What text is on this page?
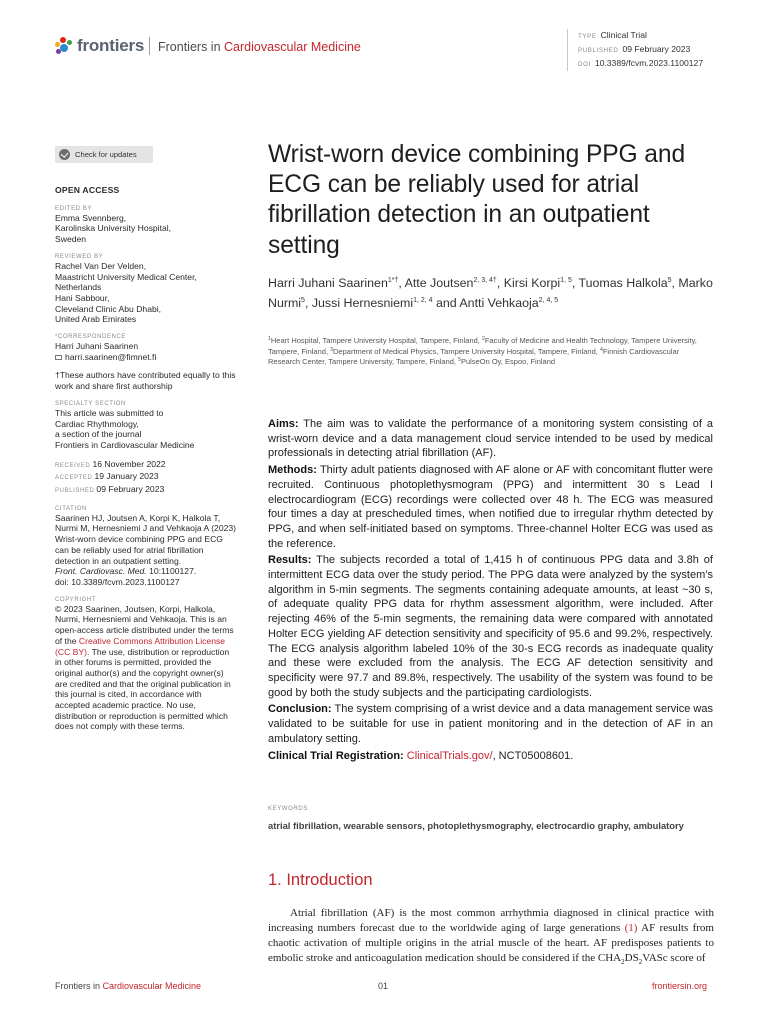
frontiers Frontiers in Cardiovascular Medicine
TYPE Clinical Trial
PUBLISHED 09 February 2023
DOI 10.3389/fcvm.2023.1100127
Check for updates
OPEN ACCESS
EDITED BY
Emma Svennberg,
Karolinska University Hospital,
Sweden
REVIEWED BY
Rachel Van Der Velden,
Maastricht University Medical Center,
Netherlands
Hani Sabbour,
Cleveland Clinic Abu Dhabi,
United Arab Emirates
*CORRESPONDENCE
Harri Juhani Saarinen
harri.saarinen@fimnet.fi
†These authors have contributed equally to this
work and share first authorship
SPECIALTY SECTION
This article was submitted to
Cardiac Rhythmology,
a section of the journal
Frontiers in Cardiovascular Medicine
RECEIVED 16 November 2022
ACCEPTED 19 January 2023
PUBLISHED 09 February 2023
CITATION
Saarinen HJ, Joutsen A, Korpi K, Halkola T,
Nurmi M, Hernesniemi J and Vehkaoja A (2023)
Wrist-worn device combining PPG and ECG
can be reliably used for atrial fibrillation
detection in an outpatient setting.
Front. Cardiovasc. Med. 10:1100127.
doi: 10.3389/fcvm.2023.1100127
COPYRIGHT
© 2023 Saarinen, Joutsen, Korpi, Halkola,
Nurmi, Hernesniemi and Vehkaoja. This is an
open-access article distributed under the terms
of the Creative Commons Attribution License
(CC BY). The use, distribution or reproduction
in other forums is permitted, provided the
original author(s) and the copyright owner(s)
are credited and that the original publication in
this journal is cited, in accordance with
accepted academic practice. No use,
distribution or reproduction is permitted which
does not comply with these terms.
Wrist-worn device combining PPG and ECG can be reliably used for atrial fibrillation detection in an outpatient setting
Harri Juhani Saarinen$^{1*\dagger}$, Atte Joutsen$^{2, 3, 4\dagger}$, Kirsi Korpi$^{1, 5}$, Tuomas Halkola$^5$, Marko Nurmi$^5$, Jussi Hernesniemi$^{1, 2, 4}$ and Antti Vehkaoja$^{2, 4, 5}$
$^1$Heart Hospital, Tampere University Hospital, Tampere, Finland, $^2$Faculty of Medicine and Health Technology, Tampere University, Tampere, Finland, $^3$Department of Medical Physics, Tampere University Hospital, Tampere, Finland, $^4$Finnish Cardiovascular Research Center, Tampere University, Tampere, Finland, $^5$PulseOn Oy, Espoo, Finland

Aims: The aim was to validate the performance of a monitoring system consisting of a wrist-worn device and a data management cloud service intended to be used by medical professionals in detecting atrial fibrillation (AF).

Methods: Thirty adult patients diagnosed with AF alone or AF with concomitant flutter were recruited. Continuous photoplethysmogram (PPG) and intermittent 30 s Lead I electrocardiogram (ECG) recordings were collected over 48 h. The ECG was measured four times a day at prescheduled times, when notified due to irregular rhythm detected by PPG, and when self-initiated based on symptoms. Three-channel Holter ECG was used as the reference.

Results: The subjects recorded a total of 1,415 h of continuous PPG data and 3.8h of intermittent ECG data over the study period. The PPG data were analyzed by the system’s algorithm in 5-min segments. The segments containing adequate amounts, at least ~30 s, of adequate quality PPG data for rhythm assessment algorithm, were included. After rejecting 46% of the 5-min segments, the remaining data were compared with annotated Holter ECG yielding AF detection sensitivity and specificity of 95.6 and 99.2%, respectively. The ECG analysis algorithm labeled 10% of the 30-s ECG records as inadequate quality and these were excluded from the analysis. The ECG AF detection sensitivity and specificity were 97.7 and 89.8%, respectively. The usability of the system was found to be good by both the study subjects and the participating cardiologists.

Conclusion: The system comprising of a wrist device and a data management service was validated to be suitable for use in patient monitoring and in the detection of AF in an ambulatory setting.

Clinical Trial Registration: ClinicalTrials.gov/, NCT05008601.

KEYWORDS
atrial fibrillation, wearable sensors, photoplethysmography, electrocardio graphy, ambulatory
1. Introduction

Atrial fibrillation (AF) is the most common arrhythmia diagnosed in clinical practice with increasing numbers forecast due to the worldwide aging of large generations (1) AF results from chaotic activation of multiple origins in the atrial muscle of the heart. AF predisposes patients to embolic stroke and anticoagulation medication should be considered if the $CHA_2DS_2VASc$ score of

Frontiers in Cardiovascular Medicine	01	frontiersin.org
